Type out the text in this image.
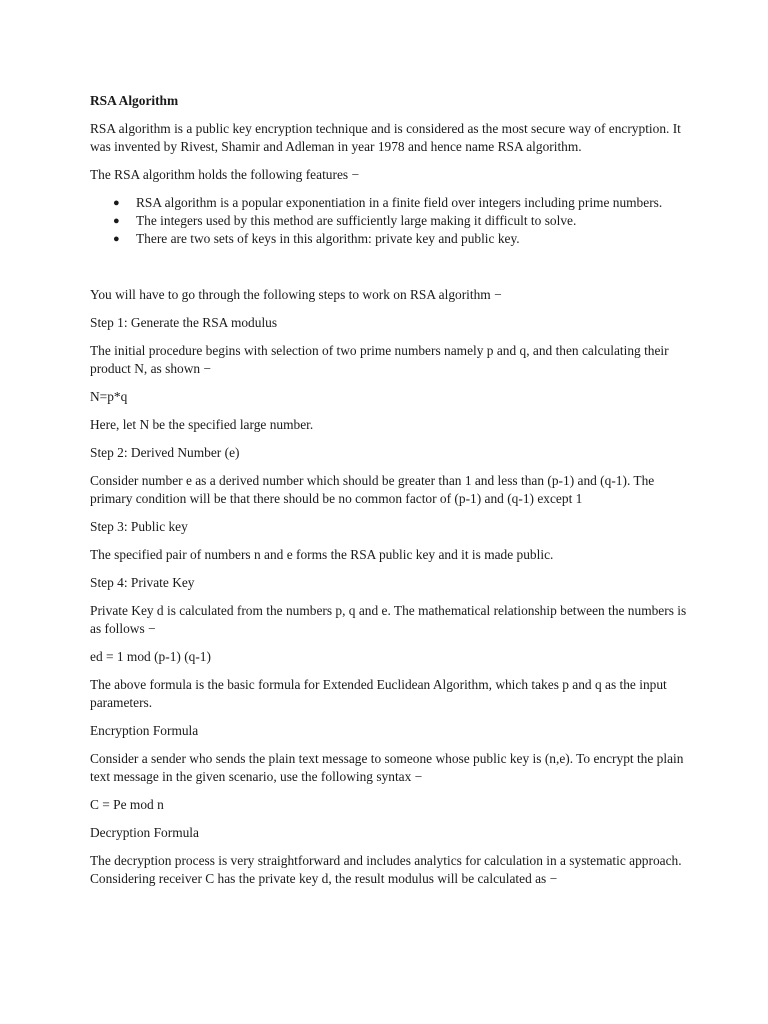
RSA Algorithm

RSA algorithm is a public key encryption technique and is considered as the most secure way of encryption. It was invented by Rivest, Shamir and Adleman in year 1978 and hence name RSA algorithm.

The RSA algorithm holds the following features −

● RSA algorithm is a popular exponentiation in a finite field over integers including prime numbers.
● The integers used by this method are sufficiently large making it difficult to solve.
● There are two sets of keys in this algorithm: private key and public key.

You will have to go through the following steps to work on RSA algorithm −

Step 1: Generate the RSA modulus

The initial procedure begins with selection of two prime numbers namely p and q, and then calculating their product N, as shown −

N=p*q

Here, let N be the specified large number.

Step 2: Derived Number (e)

Consider number e as a derived number which should be greater than 1 and less than (p-1) and (q-1). The primary condition will be that there should be no common factor of (p-1) and (q-1) except 1

Step 3: Public key

The specified pair of numbers n and e forms the RSA public key and it is made public.

Step 4: Private Key

Private Key d is calculated from the numbers p, q and e. The mathematical relationship between the numbers is as follows −

ed = 1 mod (p-1) (q-1)

The above formula is the basic formula for Extended Euclidean Algorithm, which takes p and q as the input parameters.

Encryption Formula

Consider a sender who sends the plain text message to someone whose public key is (n,e). To encrypt the plain text message in the given scenario, use the following syntax −

C = Pe mod n

Decryption Formula

The decryption process is very straightforward and includes analytics for calculation in a systematic approach. Considering receiver C has the private key d, the result modulus will be calculated as −
